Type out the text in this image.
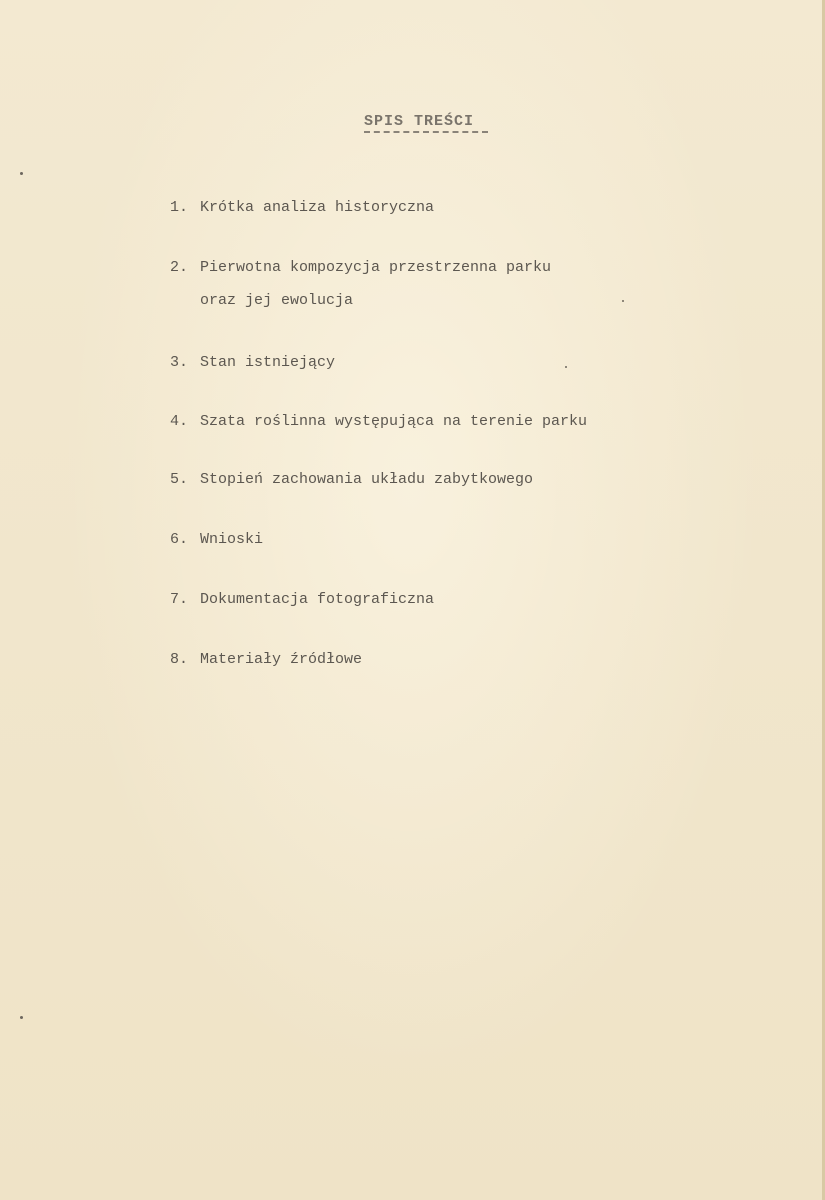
SPIS TREŚCI
1. Krótka analiza historyczna
2. Pierwotna kompozycja przestrzenna parku
oraz jej ewolucja
3. Stan istniejący
4. Szata roślinna występująca na terenie parku
5. Stopień zachowania układu zabytkowego
6. Wnioski
7. Dokumentacja fotograficzna
8. Materiały źródłowe
